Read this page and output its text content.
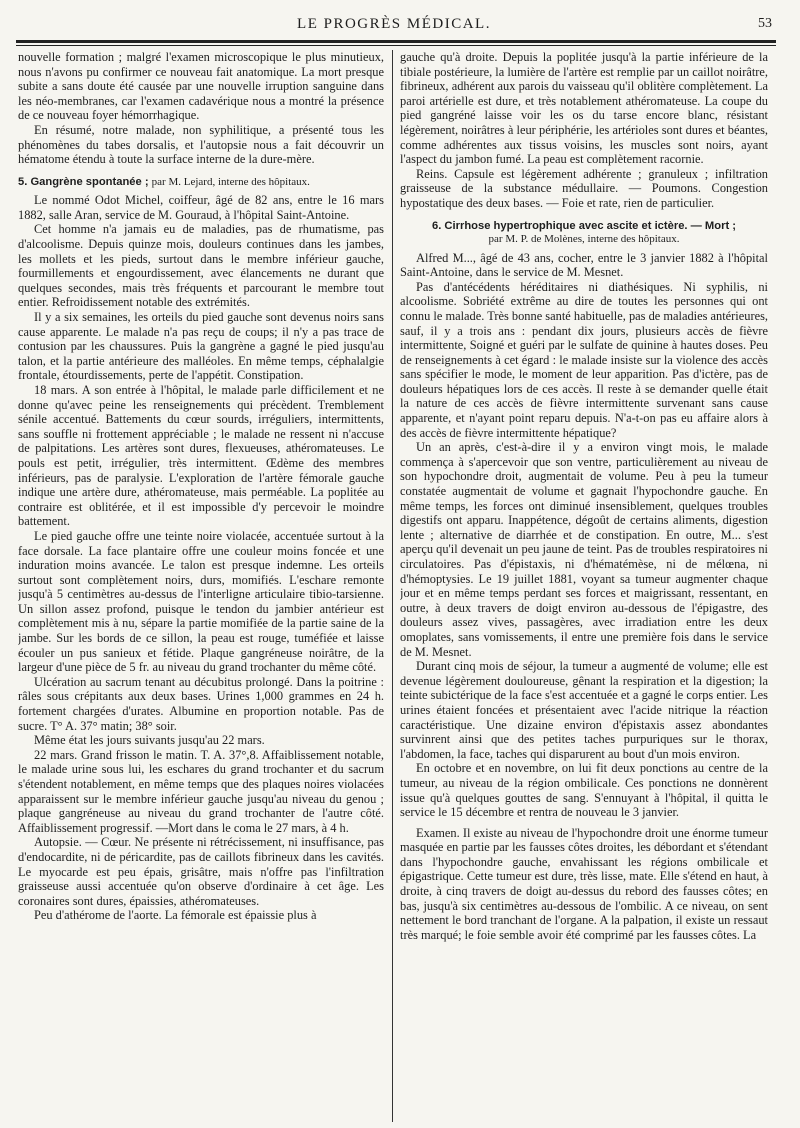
LE PROGRÈS MÉDICAL.	53

nouvelle formation ; malgré l'examen microscopique le plus minutieux, nous n'avons pu confirmer ce nouveau fait anatomique. La mort presque subite a sans doute été causée par une nouvelle irruption sanguine dans les néo-membranes, car l'examen cadavérique nous a montré la présence de ce nouveau foyer hémorrhagique.

En résumé, notre malade, non syphilitique, a présenté tous les phénomènes du tabes dorsalis, et l'autopsie nous a fait découvrir un hématome étendu à toute la surface interne de la dure-mère.

5. Gangrène spontanée ; par M. Lejard, interne des hôpitaux.

Le nommé Odot Michel, coiffeur, âgé de 82 ans, entre le 16 mars 1882, salle Aran, service de M. Gouraud, à l'hôpital Saint-Antoine.

Cet homme n'a jamais eu de maladies, pas de rhumatisme, pas d'alcoolisme. Depuis quinze mois, douleurs continues dans les jambes, les mollets et les pieds, surtout dans le membre inférieur gauche, fourmillements et engourdissement, avec élancements ne durant que quelques secondes, mais très fréquents et parcourant le membre tout entier. Refroidissement notable des extrémités.

Il y a six semaines, les orteils du pied gauche sont devenus noirs sans cause apparente. Le malade n'a pas reçu de coups; il n'y a pas trace de contusion par les chaussures. Puis la gangrène a gagné le pied jusqu'au talon, et la partie antérieure des malléoles. En même temps, céphalalgie frontale, étourdissements, perte de l'appétit. Constipation.

18 mars. A son entrée à l'hôpital, le malade parle difficilement et ne donne qu'avec peine les renseignements qui précèdent. Tremblement sénile accentué. Battements du cœur sourds, irréguliers, intermittents, sans souffle ni frottement appréciable ; le malade ne ressent ni n'accuse de palpitations. Les artères sont dures, flexueuses, athéromateuses. Le pouls est petit, irrégulier, très intermittent. Œdème des membres inférieurs, pas de paralysie. L'exploration de l'artère fémorale gauche indique une artère dure, athéromateuse, mais perméable. La poplitée au contraire est oblitérée, et il est impossible d'y percevoir le moindre battement.

Le pied gauche offre une teinte noire violacée, accentuée surtout à la face dorsale. La face plantaire offre une couleur moins foncée et une induration moins avancée. Le talon est presque indemne. Les orteils surtout sont complètement noirs, durs, momifiés. L'eschare remonte jusqu'à 5 centimètres au-dessus de l'interligne articulaire tibio-tarsienne. Un sillon assez profond, puisque le tendon du jambier antérieur est complètement mis à nu, sépare la partie momifiée de la partie saine de la jambe. Sur les bords de ce sillon, la peau est rouge, tuméfiée et laisse écouler un pus sanieux et fétide. Plaque gangréneuse noirâtre, de la largeur d'une pièce de 5 fr. au niveau du grand trochanter du même côté.

Ulcération au sacrum tenant au décubitus prolongé. Dans la poitrine : râles sous crépitants aux deux bases. Urines 1,000 grammes en 24 h. fortement chargées d'urates. Albumine en proportion notable. Pas de sucre. T° A. 37° matin; 38° soir.

Même état les jours suivants jusqu'au 22 mars.

22 mars. Grand frisson le matin. T. A. 37°,8. Affaiblissement notable, le malade urine sous lui, les eschares du grand trochanter et du sacrum s'étendent notablement, en même temps que des plaques noires violacées apparaissent sur le membre inférieur gauche jusqu'au niveau du genou ; plaque gangréneuse au niveau du grand trochanter de l'autre côté. Affaiblissement progressif. —Mort dans le coma le 27 mars, à 4 h.

Autopsie. — Cœur. Ne présente ni rétrécissement, ni insuffisance, pas d'endocardite, ni de péricardite, pas de caillots fibrineux dans les cavités. Le myocarde est peu épais, grisâtre, mais n'offre pas l'infiltration graisseuse aussi accentuée qu'on observe d'ordinaire à cet âge. Les coronaires sont dures, épaissies, athéromateuses.

Peu d'athérome de l'aorte. La fémorale est épaissie plus à

gauche qu'à droite. Depuis la poplitée jusqu'à la partie inférieure de la tibiale postérieure, la lumière de l'artère est remplie par un caillot noirâtre, fibrineux, adhérent aux parois du vaisseau qu'il oblitère complètement. La paroi artérielle est dure, et très notablement athéromateuse. La coupe du pied gangréné laisse voir les os du tarse encore blanc, résistant légèrement, noirâtres à leur périphérie, les artérioles sont dures et béantes, comme adhérentes aux tissus voisins, les muscles sont noirs, ayant l'aspect du jambon fumé. La peau est complètement racornie.

Reins. Capsule est légèrement adhérente ; granuleux ; infiltration graisseuse de la substance médullaire. — Poumons. Congestion hypostatique des deux bases. — Foie et rate, rien de particulier.

6. Cirrhose hypertrophique avec ascite et ictère. — Mort ;
par M. P. de Molènes, interne des hôpitaux.

Alfred M..., âgé de 43 ans, cocher, entre le 3 janvier 1882 à l'hôpital Saint-Antoine, dans le service de M. Mesnet.

Pas d'antécédents héréditaires ni diathésiques. Ni syphilis, ni alcoolisme. Sobriété extrême au dire de toutes les personnes qui ont connu le malade. Très bonne santé habituelle, pas de maladies antérieures, sauf, il y a trois ans : pendant dix jours, plusieurs accès de fièvre intermittente, Soigné et guéri par le sulfate de quinine à hautes doses. Peu de renseignements à cet égard : le malade insiste sur la violence des accès sans spécifier le mode, le moment de leur apparition. Pas d'ictère, pas de douleurs hépatiques lors de ces accès. Il reste à se demander quelle était la nature de ces accès de fièvre intermittente survenant sans cause apparente, et n'ayant point reparu depuis. N'a-t-on pas eu affaire alors à des accès de fièvre intermittente hépatique?

Un an après, c'est-à-dire il y a environ vingt mois, le malade commença à s'apercevoir que son ventre, particulièrement au niveau de son hypochondre droit, augmentait de volume. Peu à peu la tumeur constatée augmentait de volume et gagnait l'hypochondre gauche. En même temps, les forces ont diminué insensiblement, quelques troubles digestifs ont apparu. Inappétence, dégoût de certains aliments, digestion lente ; alternative de diarrhée et de constipation. En outre, M... s'est aperçu qu'il devenait un peu jaune de teint. Pas de troubles respiratoires ni circulatoires. Pas d'épistaxis, ni d'hématémèse, ni de mélœna, ni d'hémoptysies. Le 19 juillet 1881, voyant sa tumeur augmenter chaque jour et en même temps perdant ses forces et maigrissant, ressentant, en outre, à deux travers de doigt environ au-dessous de l'épigastre, des douleurs assez vives, passagères, avec irradiation entre les deux omoplates, sans vomissements, il entre une première fois dans le service de M. Mesnet.

Durant cinq mois de séjour, la tumeur a augmenté de volume; elle est devenue légèrement douloureuse, gênant la respiration et la digestion; la teinte subictérique de la face s'est accentuée et a gagné le corps entier. Les urines étaient foncées et présentaient avec l'acide nitrique la réaction caractéristique. Une dizaine environ d'épistaxis assez abondantes survinrent ainsi que des petites taches purpuriques sur le thorax, l'abdomen, la face, taches qui disparurent au bout d'un mois environ.

En octobre et en novembre, on lui fit deux ponctions au centre de la tumeur, au niveau de la région ombilicale. Ces ponctions ne donnèrent issue qu'à quelques gouttes de sang. S'ennuyant à l'hôpital, il quitta le service le 15 décembre et rentra de nouveau le 3 janvier.

Examen. Il existe au niveau de l'hypochondre droit une énorme tumeur masquée en partie par les fausses côtes droites, les débordant et s'étendant dans l'hypochondre gauche, envahissant les régions ombilicale et épigastrique. Cette tumeur est dure, très lisse, mate. Elle s'étend en haut, à droite, à cinq travers de doigt au-dessus du rebord des fausses côtes; en bas, jusqu'à six centimètres au-dessous de l'ombilic. A ce niveau, on sent nettement le bord tranchant de l'organe. A la palpation, il existe un ressaut très marqué; le foie semble avoir été comprimé par les fausses côtes. La
